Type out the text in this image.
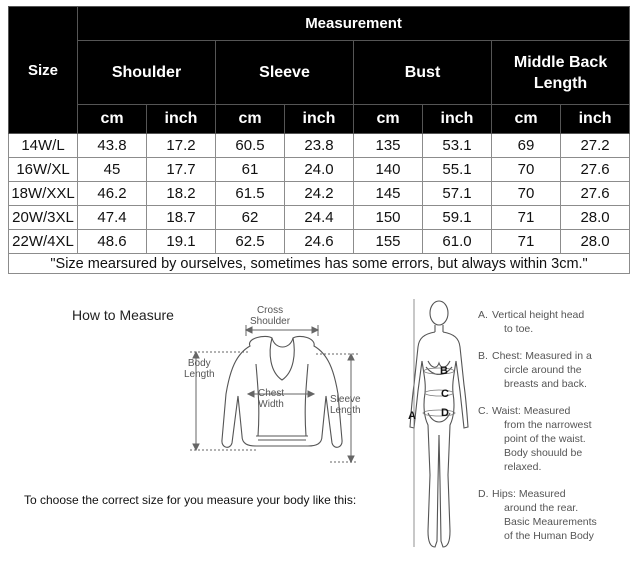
Size	Measurement							
	Shoulder		Sleeve		Bust		Middle Back Length	
	cm	inch	cm	inch	cm	inch	cm	inch
14W/L	43.8	17.2	60.5	23.8	135	53.1	69	27.2
16W/XL	45	17.7	61	24.0	140	55.1	70	27.6
18W/XXL	46.2	18.2	61.5	24.2	145	57.1	70	27.6
20W/3XL	47.4	18.7	62	24.4	150	59.1	71	28.0
22W/4XL	48.6	19.1	62.5	24.6	155	61.0	71	28.0
"Size mearsured by ourselves, sometimes has some errors, but always within 3cm."								
How to Measure	Cross
Shoulder
Body
Length
Chest
Width	Sleeve
Length
To choose the correct size for you measure your body like this:
A
B
C
D
A. Vertical height head
to toe.
B. Chest: Measured in a
circle around the
breasts and back.
C. Waist: Measured
from the narrowest
point of the waist.
Body shouuld be
relaxed.
D. Hips: Measured
around the rear.
Basic Meaurements
of the Human Body
